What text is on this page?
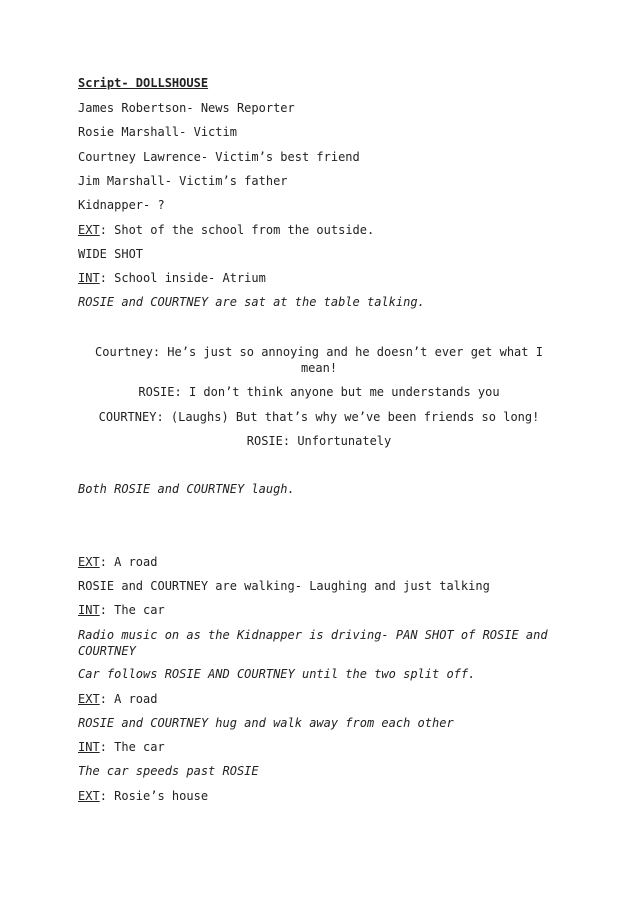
Script- DOLLSHOUSE
James Robertson- News Reporter
Rosie Marshall- Victim
Courtney Lawrence- Victim’s best friend
Jim Marshall- Victim’s father
Kidnapper- ?
EXT: Shot of the school from the outside.
WIDE SHOT
INT: School inside- Atrium
ROSIE and COURTNEY are sat at the table talking.
Courtney: He’s just so annoying and he doesn’t ever get what I mean!
ROSIE: I don’t think anyone but me understands you
COURTNEY: (Laughs) But that’s why we’ve been friends so long!
ROSIE: Unfortunately
Both ROSIE and COURTNEY laugh.
EXT: A road
ROSIE and COURTNEY are walking- Laughing and just talking
INT: The car
Radio music on as the Kidnapper is driving- PAN SHOT of ROSIE and COURTNEY
Car follows ROSIE AND COURTNEY until the two split off.
EXT: A road
ROSIE and COURTNEY hug and walk away from each other
INT: The car
The car speeds past ROSIE
EXT: Rosie’s house
